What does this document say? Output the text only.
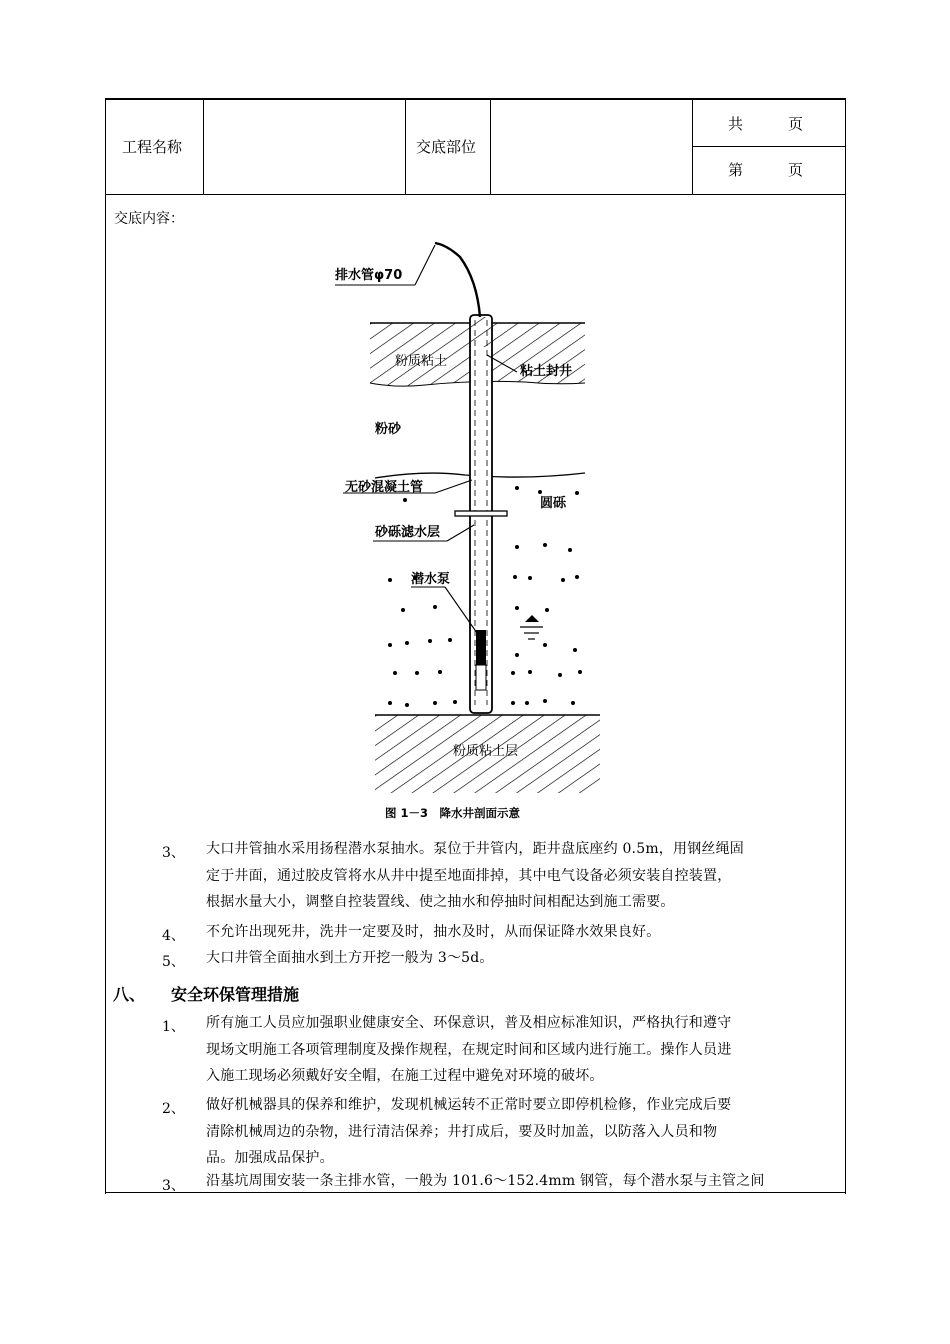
工程名称	交底部位
共　　　页
第　　　页
交底内容：
排水管φ70
粉质粘土
粘土封井
粉砂
无砂混凝土管
圆砾
砂砾滤水层
潜水泵
粉质粘土层
图 1－3　降水井剖面示意
3、 大口井管抽水采用扬程潜水泵抽水。泵位于井管内，距井盘底座约 0.5m，用钢丝绳固
定于井面，通过胶皮管将水从井中提至地面排掉，其中电气设备必须安装自控装置，
根据水量大小，调整自控装置线、使之抽水和停抽时间相配达到施工需要。
4、 不允许出现死井，洗井一定要及时，抽水及时，从而保证降水效果良好。
5、 大口井管全面抽水到土方开挖一般为 3～5d。
八、 安全环保管理措施
1、 所有施工人员应加强职业健康安全、环保意识，普及相应标准知识，严格执行和遵守
现场文明施工各项管理制度及操作规程，在规定时间和区域内进行施工。操作人员进
入施工现场必须戴好安全帽，在施工过程中避免对环境的破坏。
2、 做好机械器具的保养和维护，发现机械运转不正常时要立即停机检修，作业完成后要
清除机械周边的杂物，进行清洁保养；井打成后，要及时加盖，以防落入人员和物
品。加强成品保护。
3、 沿基坑周围安装一条主排水管，一般为 101.6～152.4mm 钢管，每个潜水泵与主管之间
